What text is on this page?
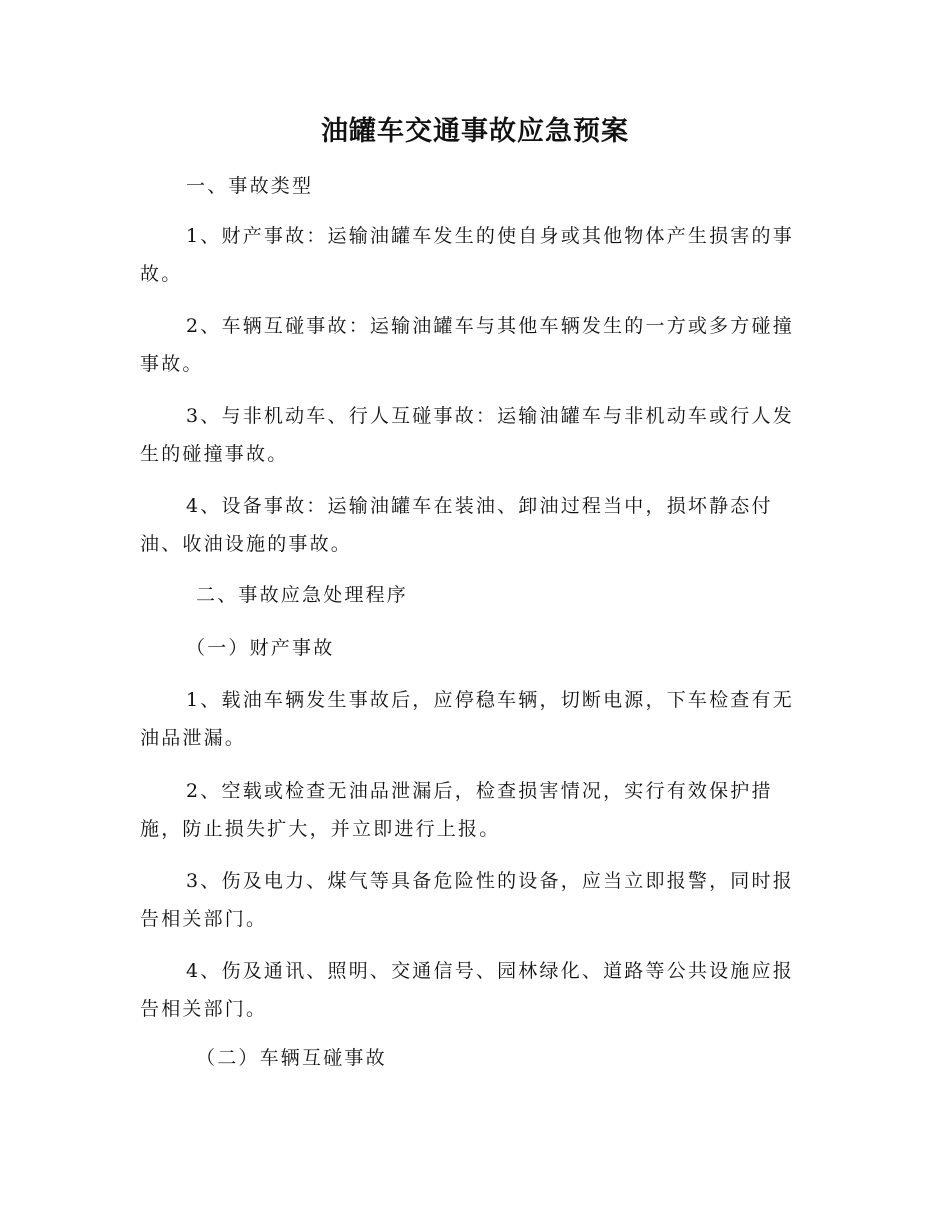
油罐车交通事故应急预案

一、事故类型

1、财产事故：运输油罐车发生的使自身或其他物体产生损害的事
故。
2、车辆互碰事故：运输油罐车与其他车辆发生的一方或多方碰撞
事故。
3、与非机动车、行人互碰事故：运输油罐车与非机动车或行人发
生的碰撞事故。
4、设备事故：运输油罐车在装油、卸油过程当中，损坏静态付
油、收油设施的事故。

二、事故应急处理程序

（一）财产事故

1、载油车辆发生事故后，应停稳车辆，切断电源，下车检查有无
油品泄漏。
2、空载或检查无油品泄漏后，检查损害情况，实行有效保护措
施，防止损失扩大，并立即进行上报。
3、伤及电力、煤气等具备危险性的设备，应当立即报警，同时报
告相关部门。
4、伤及通讯、照明、交通信号、园林绿化、道路等公共设施应报
告相关部门。

（二）车辆互碰事故
